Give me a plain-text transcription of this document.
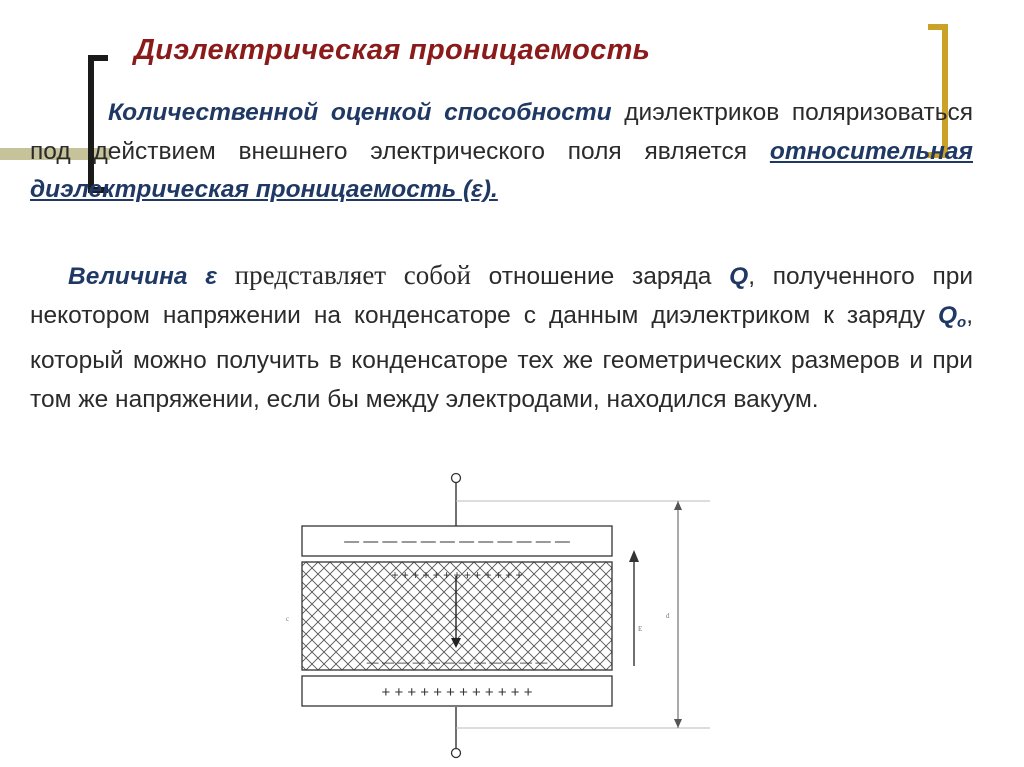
Диэлектрическая проницаемость
Количественной оценкой способности диэлектриков поляризоваться под действием внешнего электрического поля является относительная диэлектрическая проницаемость (ε).
Величина ε представляет собой отношение заряда Q, полученного при некотором напряжении на конденсаторе с данным диэлектриком к заряду $Q_o$, который можно получить в конденсаторе тех же геометрических размеров и при том же напряжении, если бы между электродами, находился вакуум.
— — — — — — — — — — — —
+ + + + + + + + + + + + +
— — — — — — — — — — — —
+ + + + + + + + + + + +
E
d
c
